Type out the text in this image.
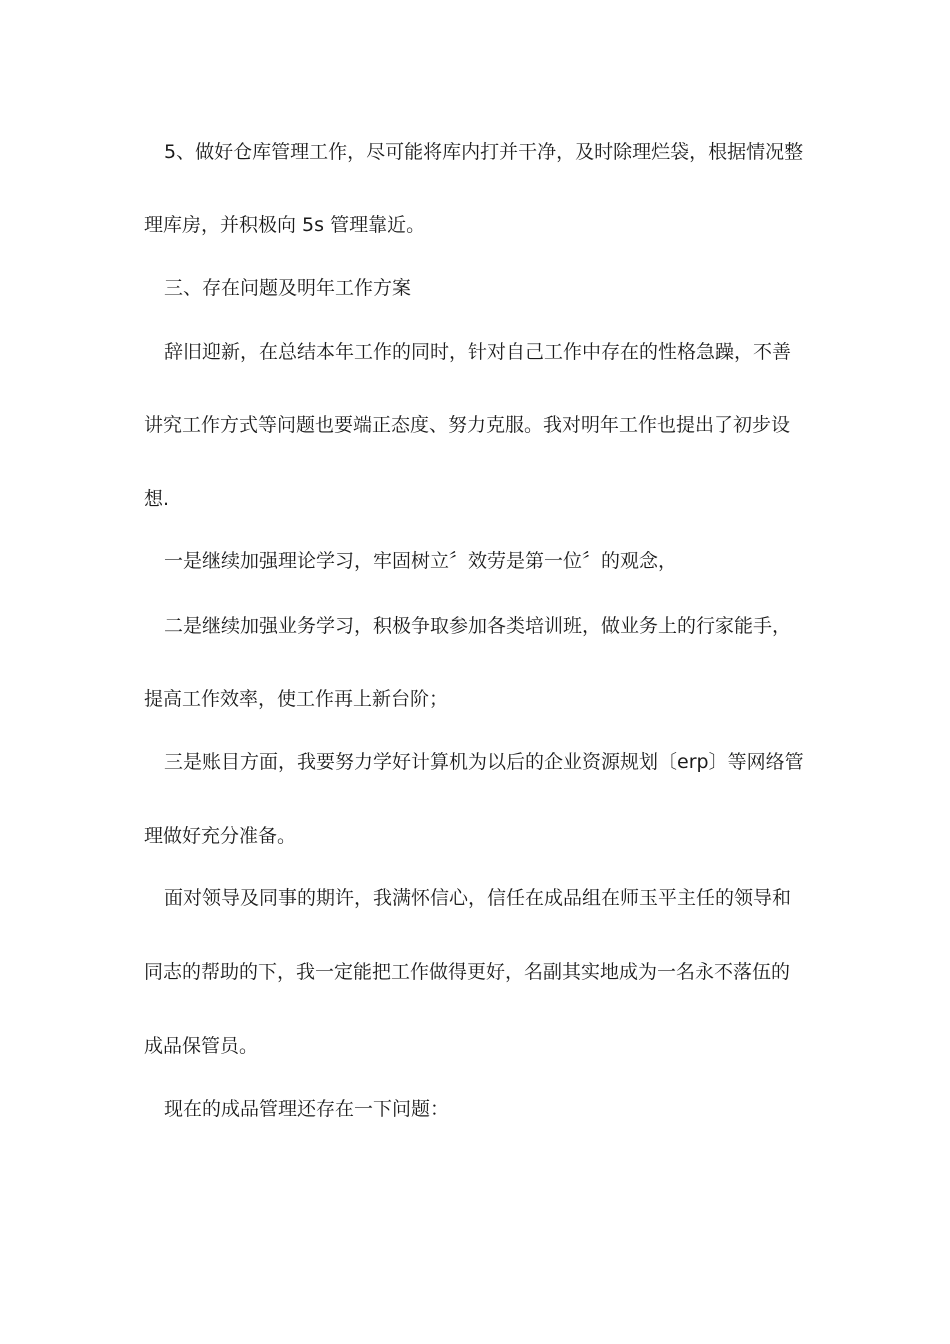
5、做好仓库管理工作，尽可能将库内打并干净，及时除理烂袋，根据情况整

理库房，并积极向 5s 管理靠近。

三、存在问题及明年工作方案

辞旧迎新，在总结本年工作的同时，针对自己工作中存在的性格急躁，不善

讲究工作方式等问题也要端正态度、努力克服。我对明年工作也提出了初步设

想.

一是继续加强理论学习，牢固树立〞效劳是第一位〞的观念，

二是继续加强业务学习，积极争取参加各类培训班，做业务上的行家能手，

提高工作效率，使工作再上新台阶；

三是账目方面，我要努力学好计算机为以后的企业资源规划〔erp〕等网络管

理做好充分准备。

面对领导及同事的期许，我满怀信心，信任在成品组在师玉平主任的领导和

同志的帮助的下，我一定能把工作做得更好，名副其实地成为一名永不落伍的

成品保管员。

现在的成品管理还存在一下问题：
